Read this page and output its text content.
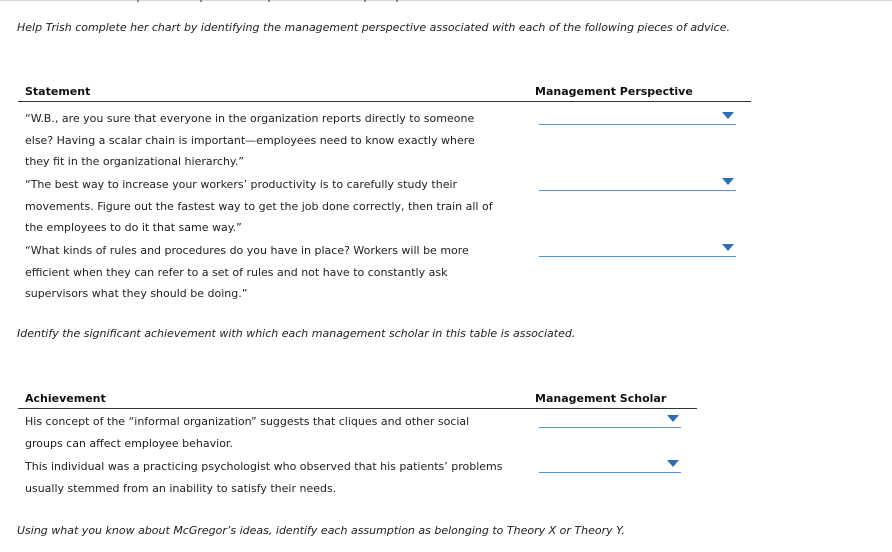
Help Trish complete her chart by identifying the management perspective associated with each of the following pieces of advice.
Statement	Management Perspective
“W.B., are you sure that everyone in the organization reports directly to someone
else? Having a scalar chain is important—employees need to know exactly where
they fit in the organizational hierarchy.”
“The best way to increase your workers’ productivity is to carefully study their
movements. Figure out the fastest way to get the job done correctly, then train all of
the employees to do it that same way.”
“What kinds of rules and procedures do you have in place? Workers will be more
efficient when they can refer to a set of rules and not have to constantly ask
supervisors what they should be doing.”
Identify the significant achievement with which each management scholar in this table is associated.
Achievement	Management Scholar
His concept of the “informal organization” suggests that cliques and other social
groups can affect employee behavior.
This individual was a practicing psychologist who observed that his patients’ problems
usually stemmed from an inability to satisfy their needs.
Using what you know about McGregor’s ideas, identify each assumption as belonging to Theory X or Theory Y.
